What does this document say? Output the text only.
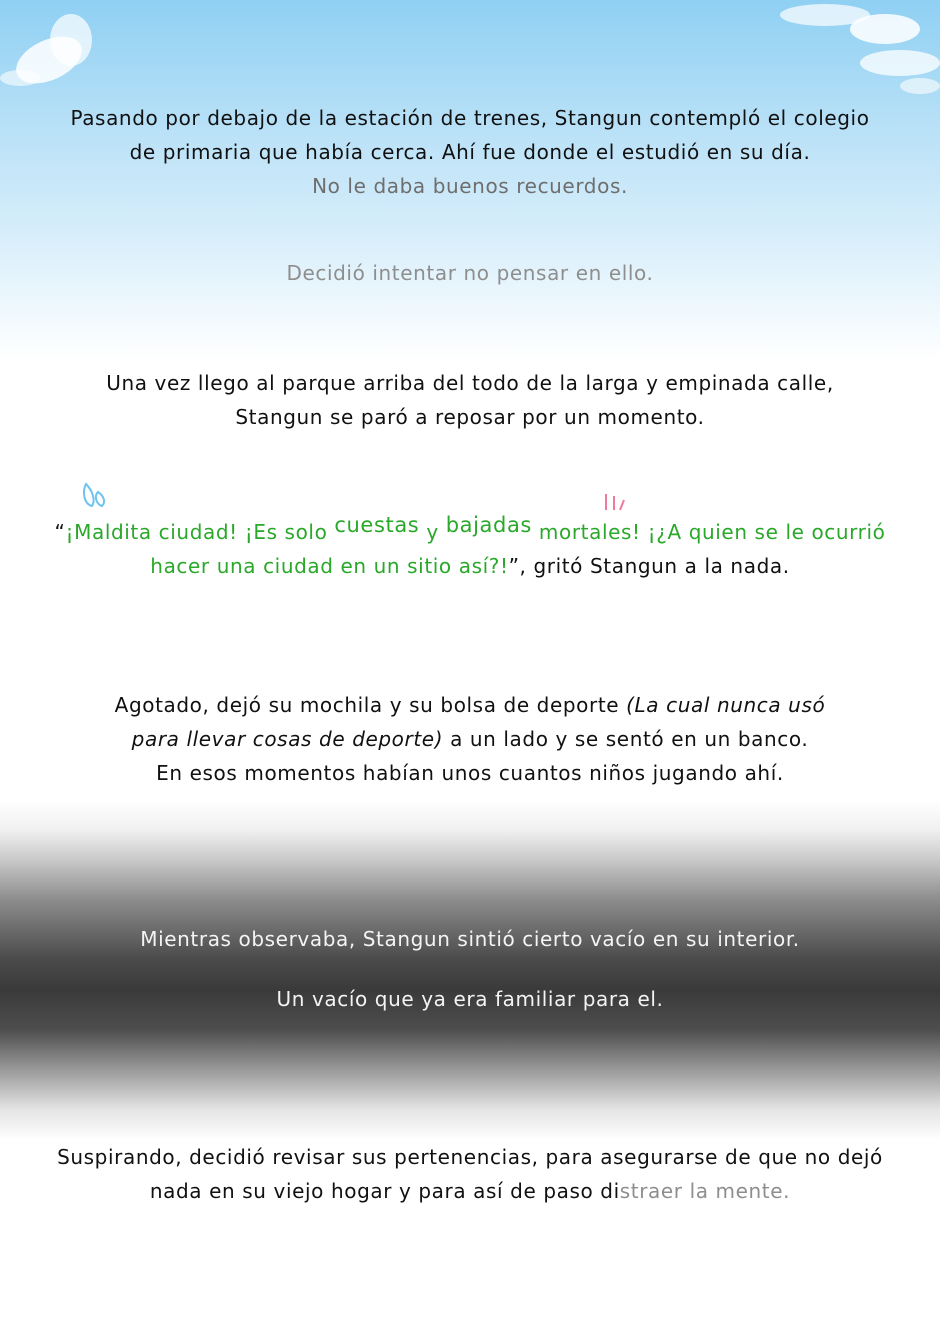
Pasando por debajo de la estación de trenes, Stangun contempló el colegio
de primaria que había cerca. Ahí fue donde el estudió en su día.
No le daba buenos recuerdos.
Decidió intentar no pensar en ello.
Una vez llego al parque arriba del todo de la larga y empinada calle,
Stangun se paró a reposar por un momento.
“¡Maldita ciudad! ¡Es solo cuestas y bajadas mortales! ¡¿A quien se le ocurrió
hacer una ciudad en un sitio así?!”, gritó Stangun a la nada.
Agotado, dejó su mochila y su bolsa de deporte (La cual nunca usó
para llevar cosas de deporte) a un lado y se sentó en un banco.
En esos momentos habían unos cuantos niños jugando ahí.
Mientras observaba, Stangun sintió cierto vacío en su interior.
Un vacío que ya era familiar para el.
Suspirando, decidió revisar sus pertenencias, para asegurarse de que no dejó
nada en su viejo hogar y para así de paso distraer la mente.
